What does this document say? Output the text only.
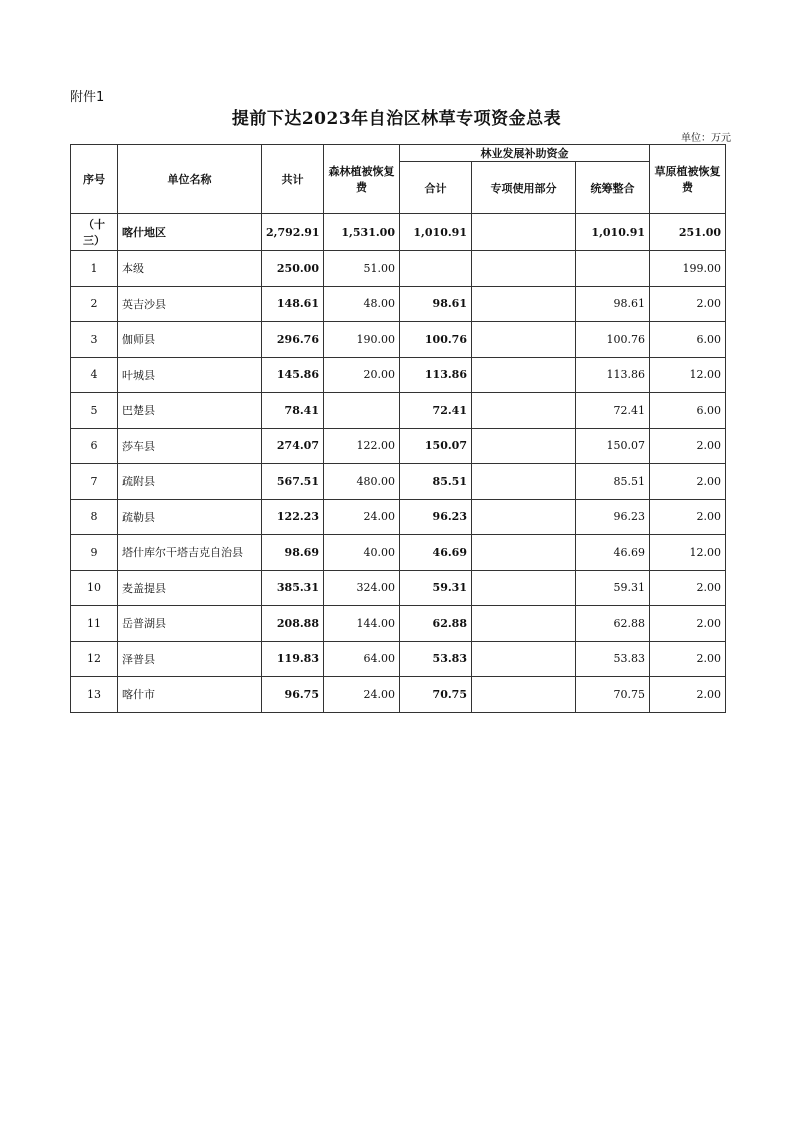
附件1
提前下达2023年自治区林草专项资金总表
单位：万元
序号	单位名称	共计	森林植被恢复费	林业发展补助资金			草原植被恢复费
				合计	专项使用部分	统筹整合	
（十三）	喀什地区	2,792.91	1,531.00	1,010.91		1,010.91	251.00
1	本级	250.00	51.00				199.00
2	英吉沙县	148.61	48.00	98.61		98.61	2.00
3	伽师县	296.76	190.00	100.76		100.76	6.00
4	叶城县	145.86	20.00	113.86		113.86	12.00
5	巴楚县	78.41		72.41		72.41	6.00
6	莎车县	274.07	122.00	150.07		150.07	2.00
7	疏附县	567.51	480.00	85.51		85.51	2.00
8	疏勒县	122.23	24.00	96.23		96.23	2.00
9	塔什库尔干塔吉克自治县	98.69	40.00	46.69		46.69	12.00
10	麦盖提县	385.31	324.00	59.31		59.31	2.00
11	岳普湖县	208.88	144.00	62.88		62.88	2.00
12	泽普县	119.83	64.00	53.83		53.83	2.00
13	喀什市	96.75	24.00	70.75		70.75	2.00
